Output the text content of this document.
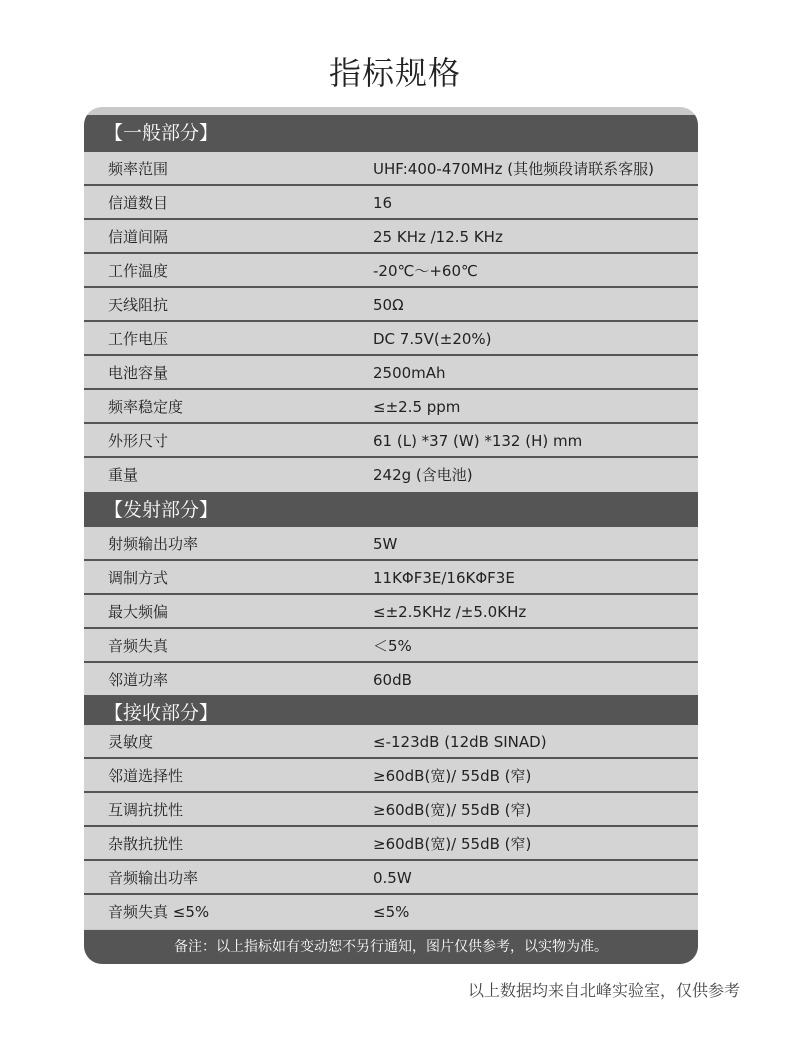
指标规格
【一般部分】
频率范围	UHF:400-470MHz (其他频段请联系客服)
信道数目	16
信道间隔	25 KHz /12.5 KHz
工作温度	-20℃～+60℃
天线阻抗	50Ω
工作电压	DC 7.5V(±20%)
电池容量	2500mAh
频率稳定度	≤±2.5 ppm
外形尺寸	61 (L) *37 (W) *132 (H) mm
重量	242g (含电池)
【发射部分】
射频输出功率	5W
调制方式	11KΦF3E/16KΦF3E
最大频偏	≤±2.5KHz /±5.0KHz
音频失真	＜5%
邻道功率	60dB
【接收部分】
灵敏度	≤-123dB (12dB SINAD)
邻道选择性	≥60dB(宽)/ 55dB (窄)
互调抗扰性	≥60dB(宽)/ 55dB (窄)
杂散抗扰性	≥60dB(宽)/ 55dB (窄)
音频输出功率	0.5W
音频失真 ≤5%	≤5%
备注：以上指标如有变动恕不另行通知，图片仅供参考，以实物为准。
以上数据均来自北峰实验室，仅供参考
